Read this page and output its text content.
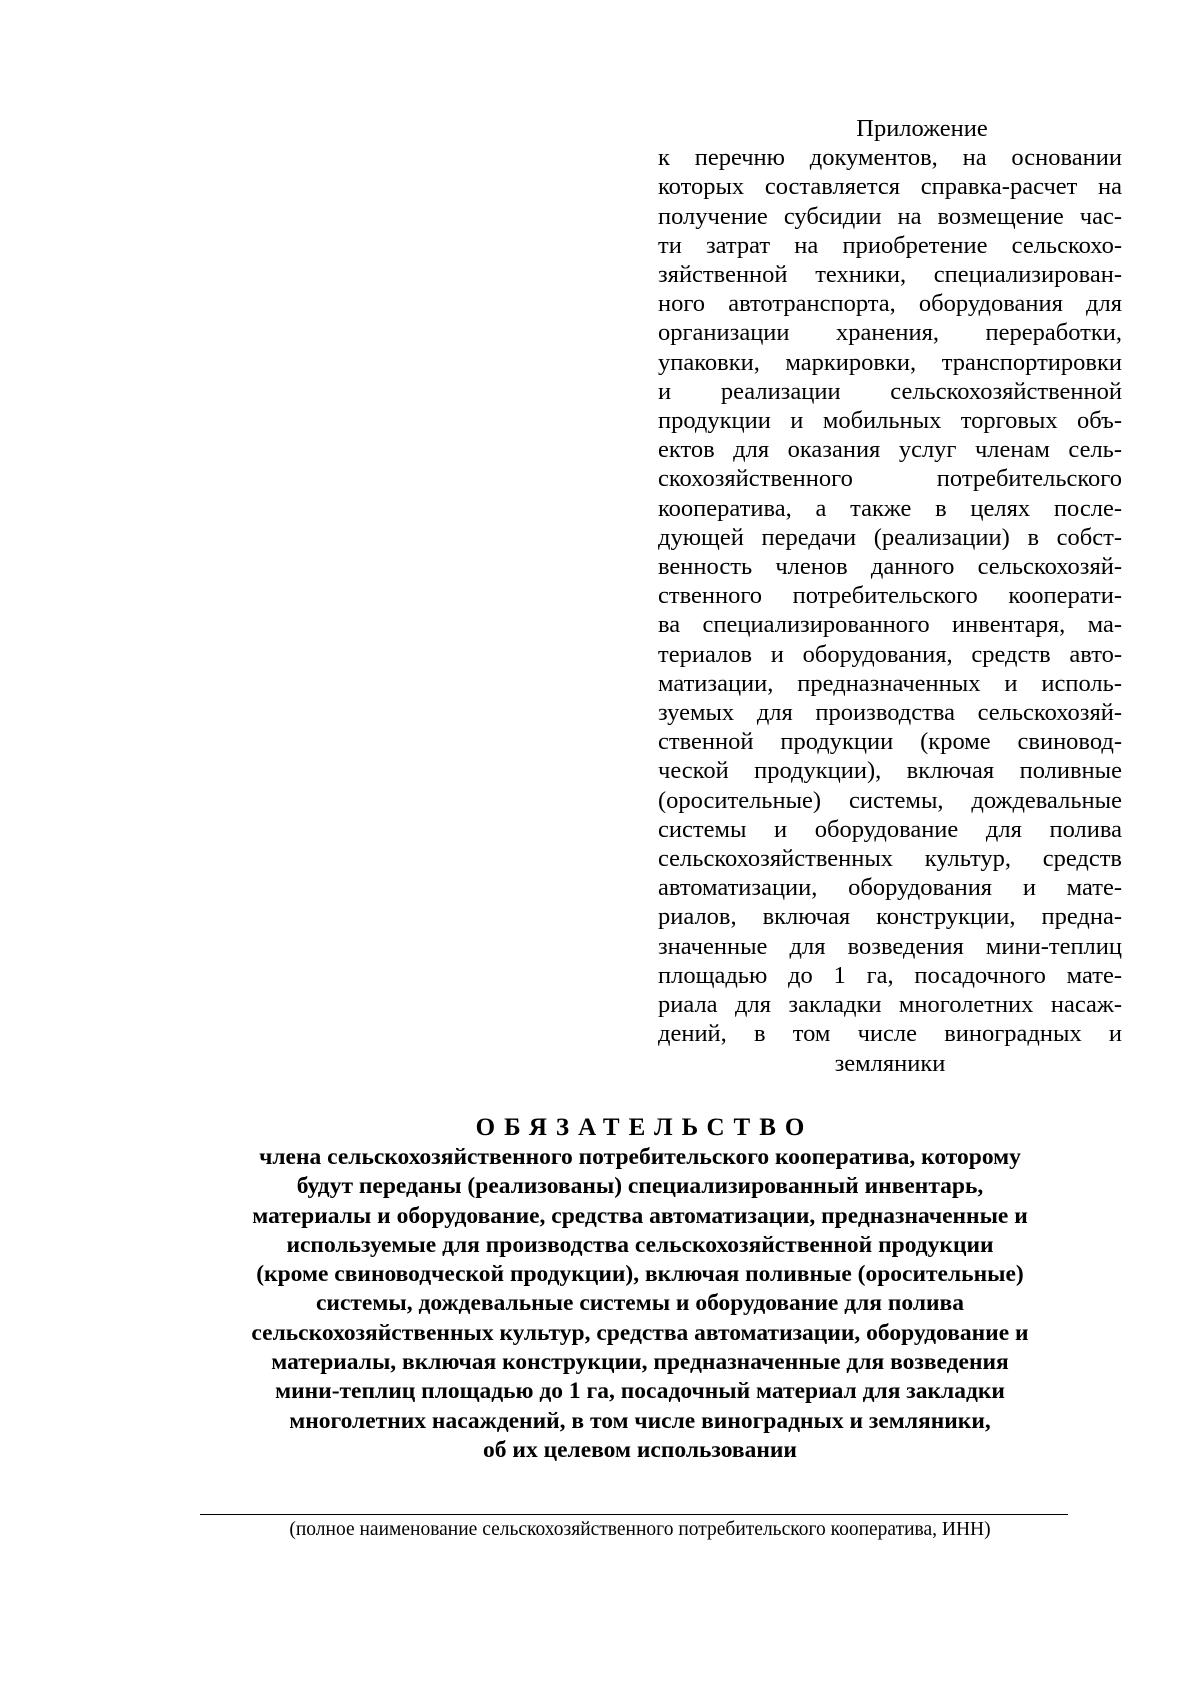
Приложение

к перечню документов, на основании
которых составляется справка-расчет на
получение субсидии на возмещение час-
ти затрат на приобретение сельскохо-
зяйственной техники, специализирован-
ного автотранспорта, оборудования для
организации хранения, переработки,
упаковки, маркировки, транспортировки
и реализации сельскохозяйственной
продукции и мобильных торговых объ-
ектов для оказания услуг членам сель-
скохозяйственного потребительского
кооператива, а также в целях после-
дующей передачи (реализации) в собст-
венность членов данного сельскохозяй-
ственного потребительского кооперати-
ва специализированного инвентаря, ма-
териалов и оборудования, средств авто-
матизации, предназначенных и исполь-
зуемых для производства сельскохозяй-
ственной продукции (кроме свиновод-
ческой продукции), включая поливные
(оросительные) системы, дождевальные
системы и оборудование для полива
сельскохозяйственных культур, средств
автоматизации, оборудования и мате-
риалов, включая конструкции, предна-
значенные для возведения мини-теплиц
площадью до 1 га, посадочного мате-
риала для закладки многолетних насаж-
дений, в том числе виноградных и
земляники

ОБЯЗАТЕЛЬСТВО

члена сельскохозяйственного потребительского кооператива, которому
будут переданы (реализованы) специализированный инвентарь,
материалы и оборудование, средства автоматизации, предназначенные и
используемые для производства сельскохозяйственной продукции
(кроме свиноводческой продукции), включая поливные (оросительные)
системы, дождевальные системы и оборудование для полива
сельскохозяйственных культур, средства автоматизации, оборудование и
материалы, включая конструкции, предназначенные для возведения
мини-теплиц площадью до 1 га, посадочный материал для закладки
многолетних насаждений, в том числе виноградных и земляники,
об их целевом использовании

(полное наименование сельскохозяйственного потребительского кооператива, ИНН)
